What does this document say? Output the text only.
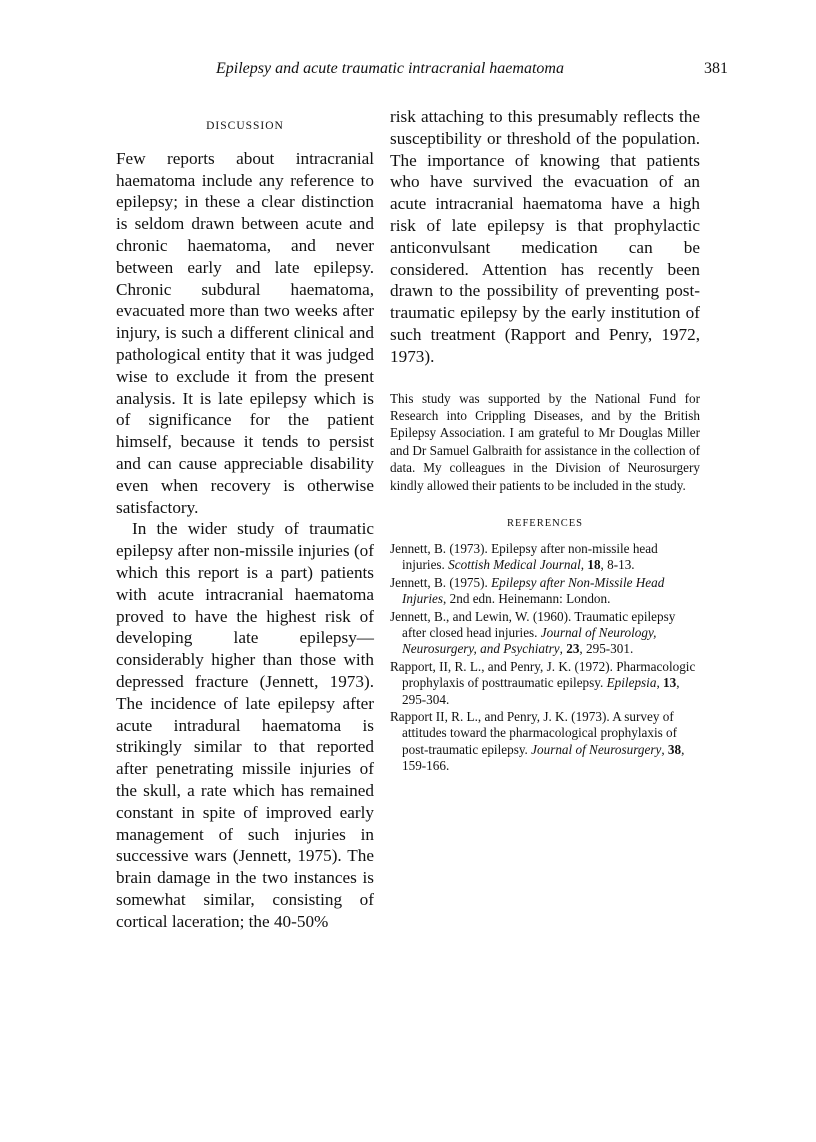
Epilepsy and acute traumatic intracranial haematoma	381
DISCUSSION

Few reports about intracranial haematoma include any reference to epilepsy; in these a clear distinction is seldom drawn between acute and chronic haematoma, and never between early and late epilepsy. Chronic subdural haematoma, evacuated more than two weeks after injury, is such a different clinical and pathological entity that it was judged wise to exclude it from the present analysis. It is late epilepsy which is of significance for the patient himself, because it tends to persist and can cause appreciable disability even when recovery is otherwise satisfactory.

In the wider study of traumatic epilepsy after non-missile injuries (of which this report is a part) patients with acute intracranial haematoma proved to have the highest risk of developing late epilepsy—considerably higher than those with depressed fracture (Jennett, 1973). The incidence of late epilepsy after acute intradural haematoma is strikingly similar to that reported after penetrating missile injuries of the skull, a rate which has remained constant in spite of improved early management of such injuries in successive wars (Jennett, 1975). The brain damage in the two instances is somewhat similar, consisting of cortical laceration; the 40-50%

risk attaching to this presumably reflects the susceptibility or threshold of the population. The importance of knowing that patients who have survived the evacuation of an acute intracranial haematoma have a high risk of late epilepsy is that prophylactic anticonvulsant medication can be considered. Attention has recently been drawn to the possibility of preventing post-traumatic epilepsy by the early institution of such treatment (Rapport and Penry, 1972, 1973).

This study was supported by the National Fund for Research into Crippling Diseases, and by the British Epilepsy Association. I am grateful to Mr Douglas Miller and Dr Samuel Galbraith for assistance in the collection of data. My colleagues in the Division of Neurosurgery kindly allowed their patients to be included in the study.

REFERENCES

Jennett, B. (1973). Epilepsy after non-missile head injuries. Scottish Medical Journal, 18, 8-13.

Jennett, B. (1975). Epilepsy after Non-Missile Head Injuries, 2nd edn. Heinemann: London.

Jennett, B., and Lewin, W. (1960). Traumatic epilepsy after closed head injuries. Journal of Neurology, Neurosurgery, and Psychiatry, 23, 295-301.

Rapport, II, R. L., and Penry, J. K. (1972). Pharmacologic prophylaxis of posttraumatic epilepsy. Epilepsia, 13, 295-304.

Rapport II, R. L., and Penry, J. K. (1973). A survey of attitudes toward the pharmacological prophylaxis of post-traumatic epilepsy. Journal of Neurosurgery, 38, 159-166.
